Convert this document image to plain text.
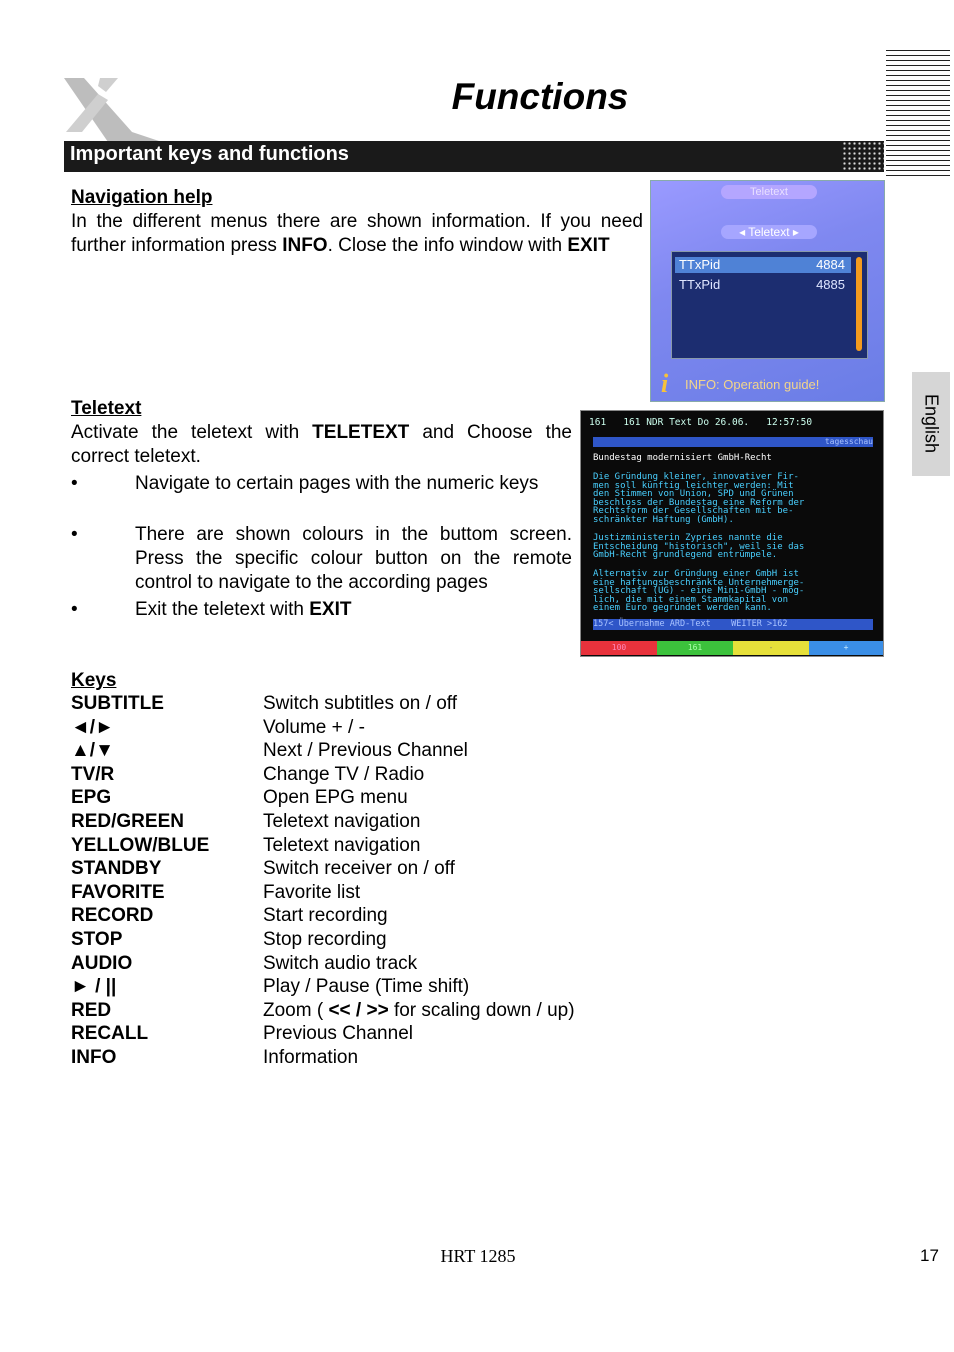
Functions
Important keys and functions
English
Navigation help
In the different menus there are shown information. If you need further information press INFO. Close the info window with EXIT
Teletext
◂ Teletext ▸
TTxPid	4884
TTxPid	4885
i	INFO: Operation guide!
Teletext
Activate the teletext with TELETEXT and Choose the correct teletext.
•	Navigate to certain pages with the numeric keys
•	There are shown colours in the buttom screen. Press the specific colour button on the remote control to navigate to the according pages
•	Exit the teletext with EXIT
161   161 NDR Text Do 26.06.   12:57:50
tagesschau
Bundestag modernisiert GmbH-Recht
Die Gründung kleiner, innovativer Fir-
men soll künftig leichter werden: Mit
den Stimmen von Union, SPD und Grünen
beschloss der Bundestag eine Reform der
Rechtsform der Gesellschaften mit be-
schränkter Haftung (GmbH).
Justizministerin Zypries nannte die
Entscheidung "historisch", weil sie das
GmbH-Recht grundlegend entrümpele.
Alternativ zur Gründung einer GmbH ist
eine haftungsbeschränkte Unternehmerge-
sellschaft (UG) - eine Mini-GmbH - mög-
lich, die mit einem Stammkapital von
einem Euro gegründet werden kann.
157< Übernahme ARD-Text    WEITER >162
100	161	-	+
Keys
SUBTITLE	Switch subtitles on / off
◄/►	Volume + / -
▲/▼	Next / Previous Channel
TV/R	Change TV / Radio
EPG	Open EPG menu
RED/GREEN	Teletext navigation
YELLOW/BLUE	Teletext navigation
STANDBY	Switch receiver on / off
FAVORITE	Favorite list
RECORD	Start recording
STOP	Stop recording
AUDIO	Switch audio track
► / ||	Play / Pause (Time shift)
RED	Zoom ( << / >> for scaling down / up)
RECALL	Previous Channel
INFO	Information
HRT 1285	17
